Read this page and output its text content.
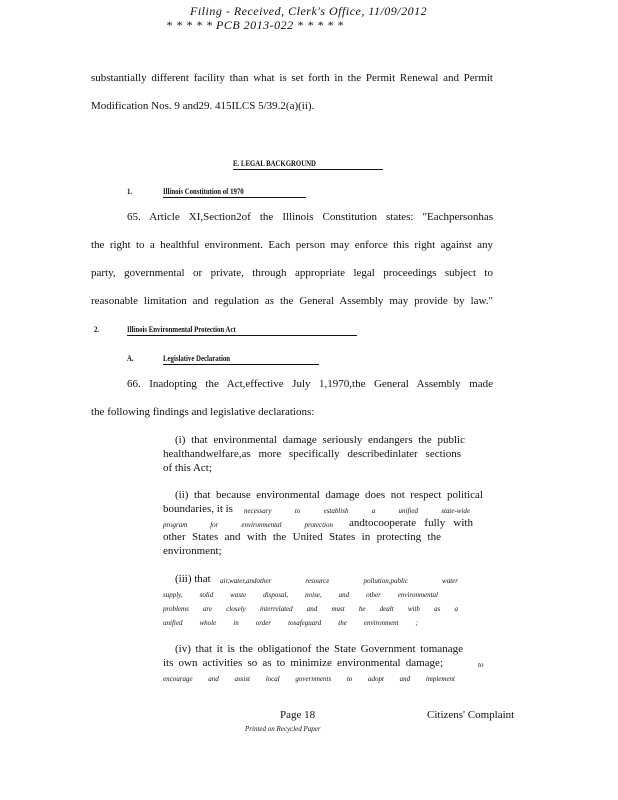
Filing - Received, Clerk's Office, 11/09/2012
* * * * * PCB 2013-022 * * * * *
substantially different facility than what is set forth in the Permit Renewal and Permit
Modification Nos. 9 and29. 415ILCS 5/39.2(a)(ii).
E. LEGAL BACKGROUND
1.	Illinois Constitution of 1970
65. Article XI,Section2of the Illinois Constitution states: "Eachpersonhas
the right to a healthful environment. Each person may enforce this right against any
party, governmental or private, through appropriate legal proceedings subject to
reasonable limitation and regulation as the General Assembly may provide by law."
2.	Illinois Environmental Protection Act
A.	Legislative Declaration
66. Inadopting the Act,effective July 1,1970,the General Assembly made
the following findings and legislative declarations:
(i) that environmental damage seriously endangers the public
healthandwelfare,as more specifically describedinlater sections
of this Act;
(ii) that because environmental damage does not respect political
boundaries, it is necessary to establish a unified state-wide
program for environmental protection andtocooperate fully with
other States and with the United States in protecting the
environment;
(iii) that air,water,andother resource pollution,public water
supply, solid waste disposal, noise, and other environmental
problems are closely interrelated and must be dealt with as a
unified whole in order tosafeguard the environment ;
(iv) that it is the obligationof the State Government tomanage
its own activities so as to minimize environmental damage;	to
encourage and assist local governments to adopt and implement
Page 18	Citizens' Complaint
Printed on Recycled Paper
